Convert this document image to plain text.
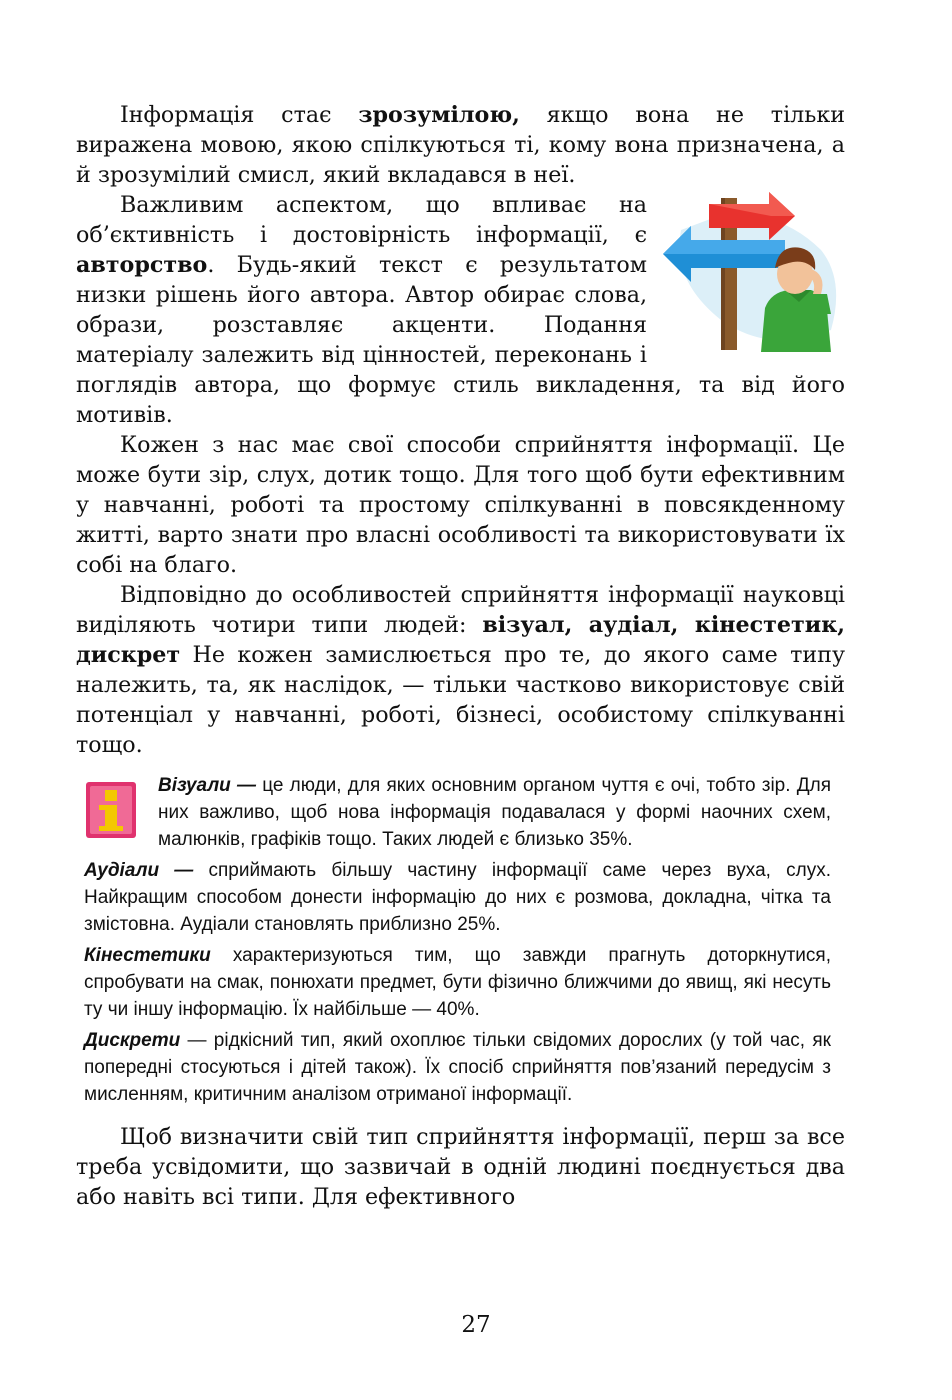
Інформація стає зрозумілою, якщо вона не тільки виражена мовою, якою спілкуються ті, кому вона призначена, а й зрозумілий смисл, який вкладався в неї.

Важливим аспектом, що впливає на об’єктивність і достовірність інформації, є авторство. Будь-який текст є результатом низки рішень його автора. Автор обирає слова, образи, розставляє акценти. Подання матеріалу залежить від цінностей, переконань і поглядів автора, що формує стиль викладення, та від його мотивів.

Кожен з нас має свої способи сприйняття інформації. Це може бути зір, слух, дотик тощо. Для того щоб бути ефективним у навчанні, роботі та простому спілкуванні в повсякденному житті, варто знати про власні особливості та використовувати їх собі на благо.

Відповідно до особливостей сприйняття інформації науковці виділяють чотири типи людей: візуал, аудіал, кінестетик, дискрет Не кожен замислюється про те, до якого саме типу належить, та, як наслідок, — тільки частково використовує свій потенціал у навчанні, роботі, бізнесі, особистому спілкуванні тощо.

Візуали — це люди, для яких основним органом чуття є очі, тобто зір. Для них важливо, щоб нова інформація подавалася у формі наочних схем, малюнків, графіків тощо. Таких людей є близько 35%.

Аудіали — сприймають більшу частину інформації саме через вуха, слух. Найкращим способом донести інформацію до них є розмова, докладна, чітка та змістовна. Аудіали становлять приблизно 25%.

Кінестетики характеризуються тим, що завжди прагнуть доторкнутися, спробувати на смак, понюхати предмет, бути фізично ближчими до явищ, які несуть ту чи іншу інформацію. Їх найбільше — 40%.

Дискрети — рідкісний тип, який охоплює тільки свідомих дорослих (у той час, як попередні стосуються і дітей також). Їх спосіб сприйняття пов’язаний передусім з мисленням, критичним аналізом отриманої інформації.

Щоб визначити свій тип сприйняття інформації, перш за все треба усвідомити, що зазвичай в одній людині поєднується два або навіть всі типи. Для ефективного

27
